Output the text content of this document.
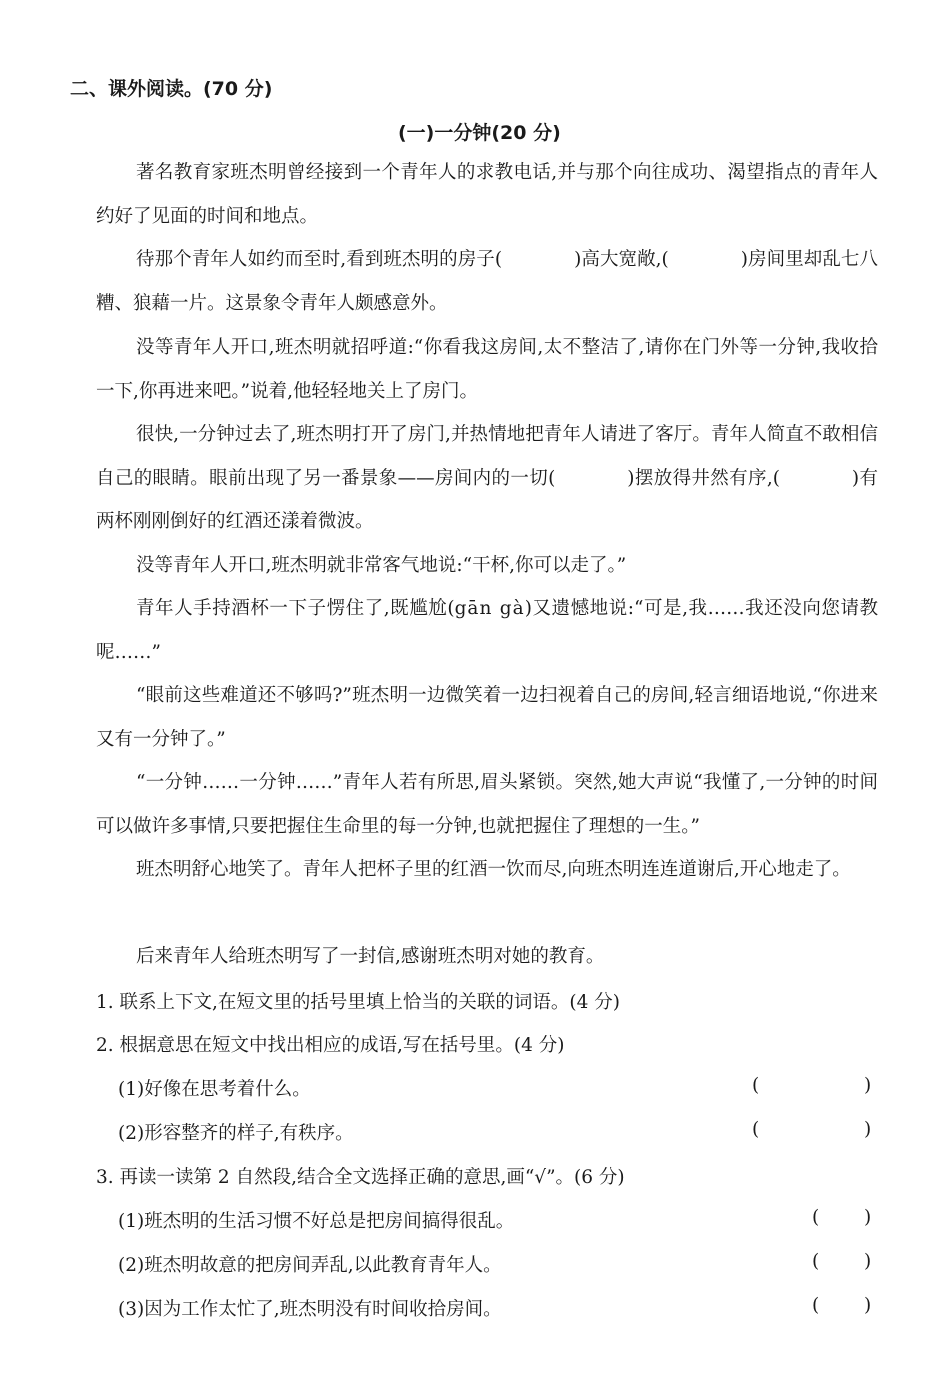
二、课外阅读。(70 分)
(一)一分钟(20 分)

著名教育家班杰明曾经接到一个青年人的求教电话,并与那个向往成功、渴望指点的青年人约好了见面的时间和地点。

待那个青年人如约而至时,看到班杰明的房子(	)高大宽敞,(	)房间里却乱七八糟、狼藉一片。这景象令青年人颇感意外。

没等青年人开口,班杰明就招呼道:“你看我这房间,太不整洁了,请你在门外等一分钟,我收拾一下,你再进来吧。”说着,他轻轻地关上了房门。

很快,一分钟过去了,班杰明打开了房门,并热情地把青年人请进了客厅。青年人简直不敢相信自己的眼睛。眼前出现了另一番景象——房间内的一切(	)摆放得井然有序,(	)有两杯刚刚倒好的红酒还漾着微波。

没等青年人开口,班杰明就非常客气地说:“干杯,你可以走了。”

青年人手持酒杯一下子愣住了,既尴尬(gān gà)又遗憾地说:“可是,我……我还没向您请教呢……”

“眼前这些难道还不够吗?”班杰明一边微笑着一边扫视着自己的房间,轻言细语地说,“你进来又有一分钟了。”

“一分钟……一分钟……”青年人若有所思,眉头紧锁。突然,她大声说“我懂了,一分钟的时间可以做许多事情,只要把握住生命里的每一分钟,也就把握住了理想的一生。”

班杰明舒心地笑了。青年人把杯子里的红酒一饮而尽,向班杰明连连道谢后,开心地走了。

后来青年人给班杰明写了一封信,感谢班杰明对她的教育。

1. 联系上下文,在短文里的括号里填上恰当的关联的词语。(4 分)
2. 根据意思在短文中找出相应的成语,写在括号里。(4 分)
(1)好像在思考着什么。	(	)
(2)形容整齐的样子,有秩序。	(	)
3. 再读一读第 2 自然段,结合全文选择正确的意思,画“√”。(6 分)
(1)班杰明的生活习惯不好总是把房间搞得很乱。	( )
(2)班杰明故意的把房间弄乱,以此教育青年人。	( )
(3)因为工作太忙了,班杰明没有时间收拾房间。	( )
